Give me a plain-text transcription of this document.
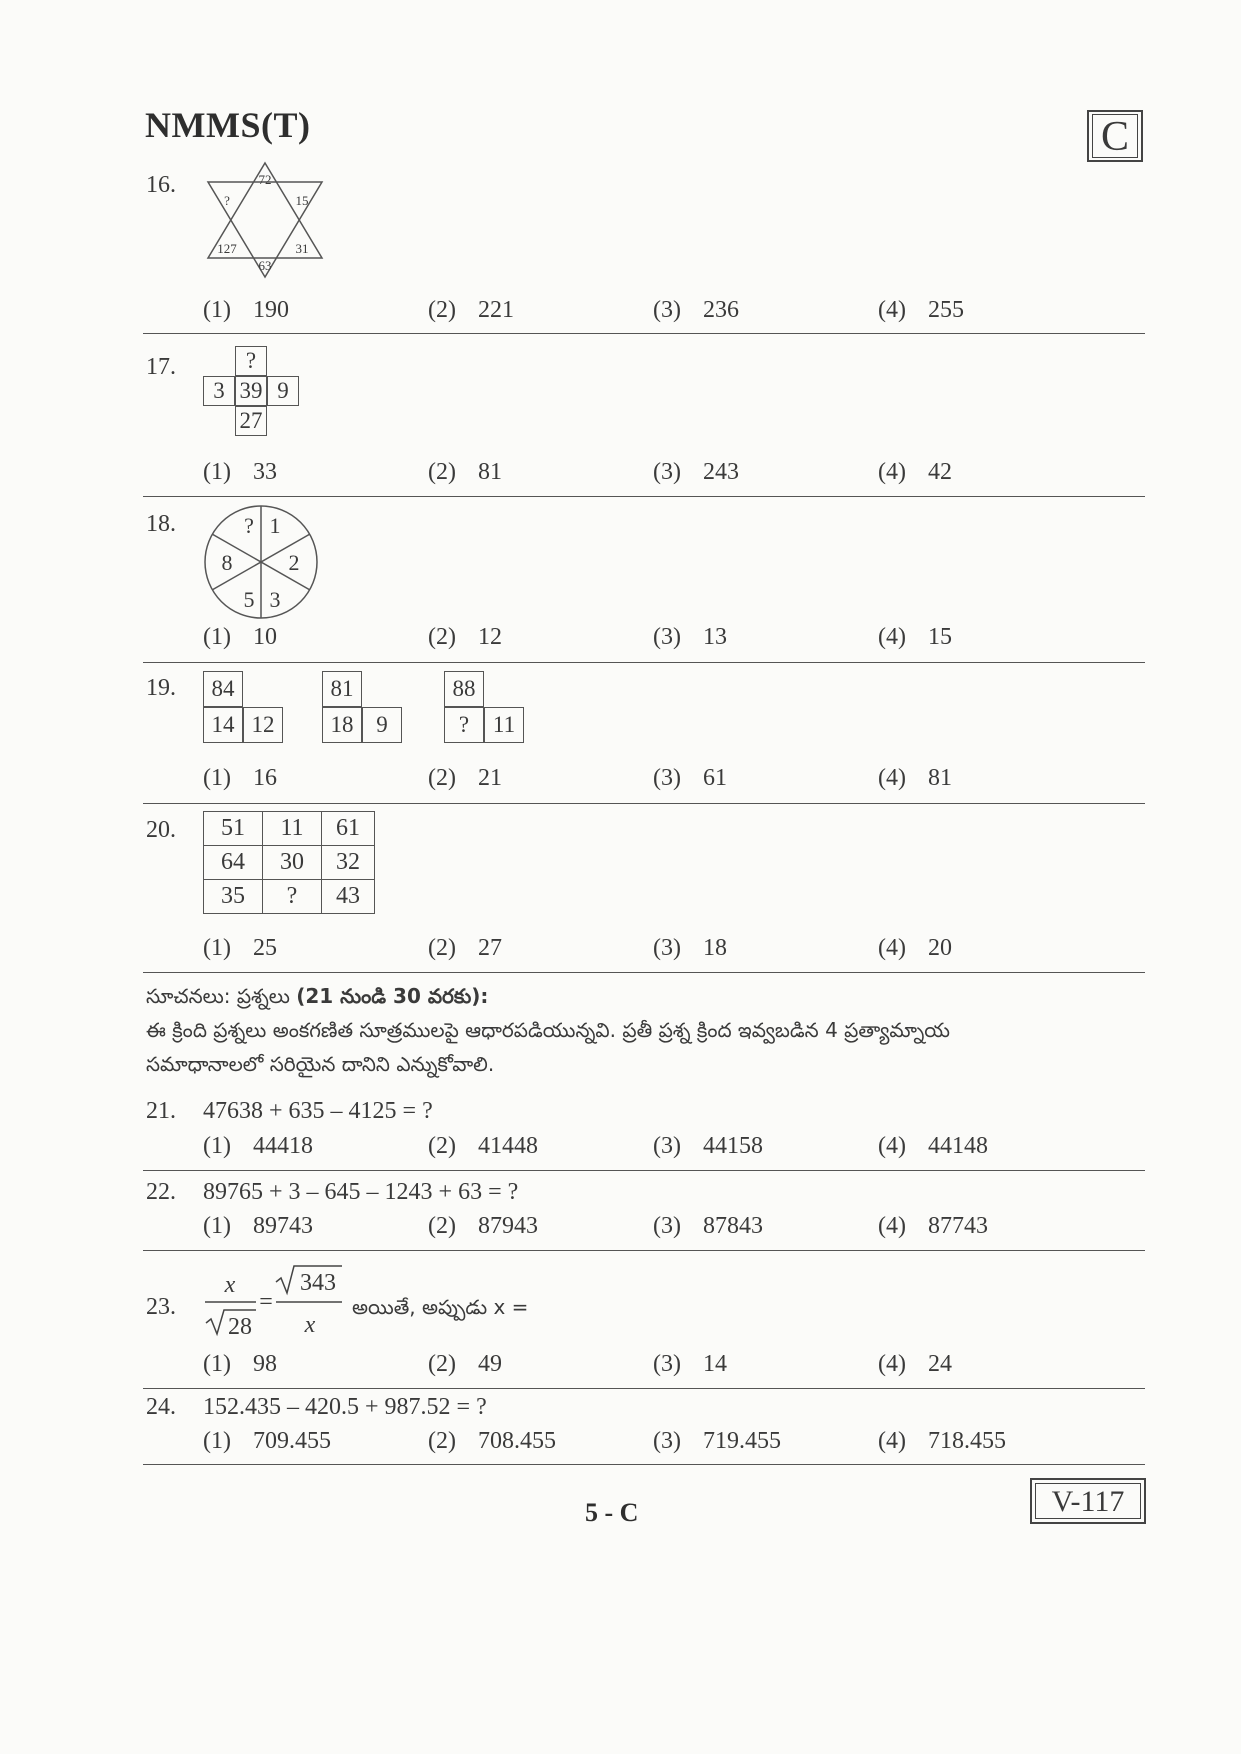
NMMS(T)	C
16.	72
?	15
127	31
63
(1) 190	(2) 221	(3) 236	(4) 255
17.	?
3 39 9
27
(1) 33	(2) 81	(3) 243	(4) 42
18.	? 1
8	2
5 3
(1) 10	(2) 12	(3) 13	(4) 15
19.	84
14 12
81
18 9
88
?	11
(1) 16	(2) 21	(3) 61	(4) 81
20. 51	11	61
64	30	32
35	?	43
(1) 25	(2) 27	(3) 18	(4) 20
సూచనలు: ప్రశ్నలు (21 నుండి 30 వరకు):
ఈ క్రింది ప్రశ్నలు అంకగణిత సూత్రములపై ఆధారపడియున్నవి. ప్రతీ ప్రశ్న క్రింద ఇవ్వబడిన 4 ప్రత్యామ్నాయ
సమాధానాలలో సరియైన దానిని ఎన్నుకోవాలి.
21. 47638 + 635 – 4125 = ?
(1) 44418	(2) 41448	(3) 44158	(4) 44148
22. 89765 + 3 – 645 – 1243 + 63 = ?
(1) 89743	(2) 87943	(3) 87843	(4) 87743
23.
x
28
=
343
x
అయితే, అప్పుడు x =
(1) 98	(2) 49	(3) 14	(4) 24
24. 152.435 – 420.5 + 987.52 = ?
(1) 709.455	(2) 708.455	(3) 719.455	(4) 718.455
5 - C	V-117
